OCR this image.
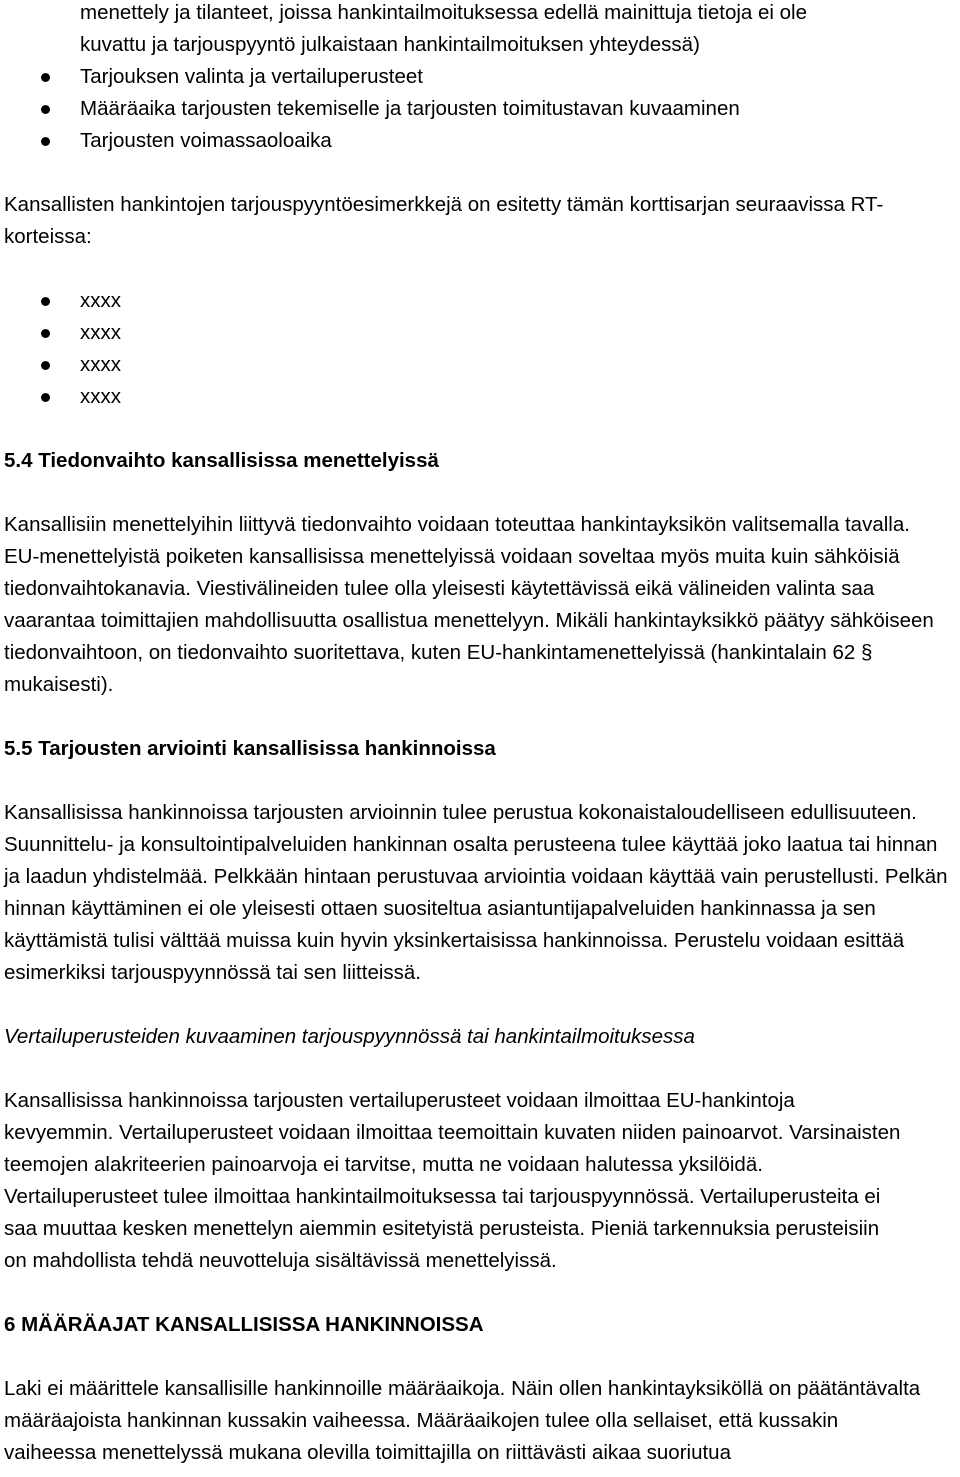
menettely ja tilanteet, joissa hankintailmoituksessa edellä mainittuja tietoja ei ole

kuvattu ja tarjouspyyntö julkaistaan hankintailmoituksen yhteydessä)

Tarjouksen valinta ja vertailuperusteet
Määräaika tarjousten tekemiselle ja tarjousten toimitustavan kuvaaminen
Tarjousten voimassaoloaika

Kansallisten hankintojen tarjouspyyntöesimerkkejä on esitetty tämän korttisarjan seuraavissa RT-korteissa:

xxxx
xxxx
xxxx
xxxx
5.4 Tiedonvaihto kansallisissa menettelyissä

Kansallisiin menettelyihin liittyvä tiedonvaihto voidaan toteuttaa hankintayksikön valitsemalla tavalla. EU-menettelyistä poiketen kansallisissa menettelyissä voidaan soveltaa myös muita kuin sähköisiä tiedonvaihtokanavia. Viestivälineiden tulee olla yleisesti käytettävissä eikä välineiden valinta saa vaarantaa toimittajien mahdollisuutta osallistua menettelyyn. Mikäli hankintayksikkö päätyy sähköiseen tiedonvaihtoon, on tiedonvaihto suoritettava, kuten EU-hankintamenettelyissä (hankintalain 62 § mukaisesti).

5.5 Tarjousten arviointi kansallisissa hankinnoissa

Kansallisissa hankinnoissa tarjousten arvioinnin tulee perustua kokonaistaloudelliseen edullisuuteen. Suunnittelu- ja konsultointipalveluiden hankinnan osalta perusteena tulee käyttää joko laatua tai hinnan ja laadun yhdistelmää. Pelkkään hintaan perustuvaa arviointia voidaan käyttää vain perustellusti. Pelkän hinnan käyttäminen ei ole yleisesti ottaen suositeltua asiantuntijapalveluiden hankinnassa ja sen käyttämistä tulisi välttää muissa kuin hyvin yksinkertaisissa hankinnoissa. Perustelu voidaan esittää esimerkiksi tarjouspyynnössä tai sen liitteissä.

Vertailuperusteiden kuvaaminen tarjouspyynnössä tai hankintailmoituksessa

Kansallisissa hankinnoissa tarjousten vertailuperusteet voidaan ilmoittaa EU-hankintoja kevyemmin. Vertailuperusteet voidaan ilmoittaa teemoittain kuvaten niiden painoarvot. Varsinaisten teemojen alakriteerien painoarvoja ei tarvitse, mutta ne voidaan halutessa yksilöidä. Vertailuperusteet tulee ilmoittaa hankintailmoituksessa tai tarjouspyynnössä. Vertailuperusteita ei saa muuttaa kesken menettelyn aiemmin esitetyistä perusteista. Pieniä tarkennuksia perusteisiin on mahdollista tehdä neuvotteluja sisältävissä menettelyissä.

6 MÄÄRÄAJAT KANSALLISISSA HANKINNOISSA

Laki ei määrittele kansallisille hankinnoille määräaikoja. Näin ollen hankintayksiköllä on päätäntävalta määräajoista hankinnan kussakin vaiheessa. Määräaikojen tulee olla sellaiset, että kussakin vaiheessa menettelyssä mukana olevilla toimittajilla on riittävästi aikaa suoriutua
